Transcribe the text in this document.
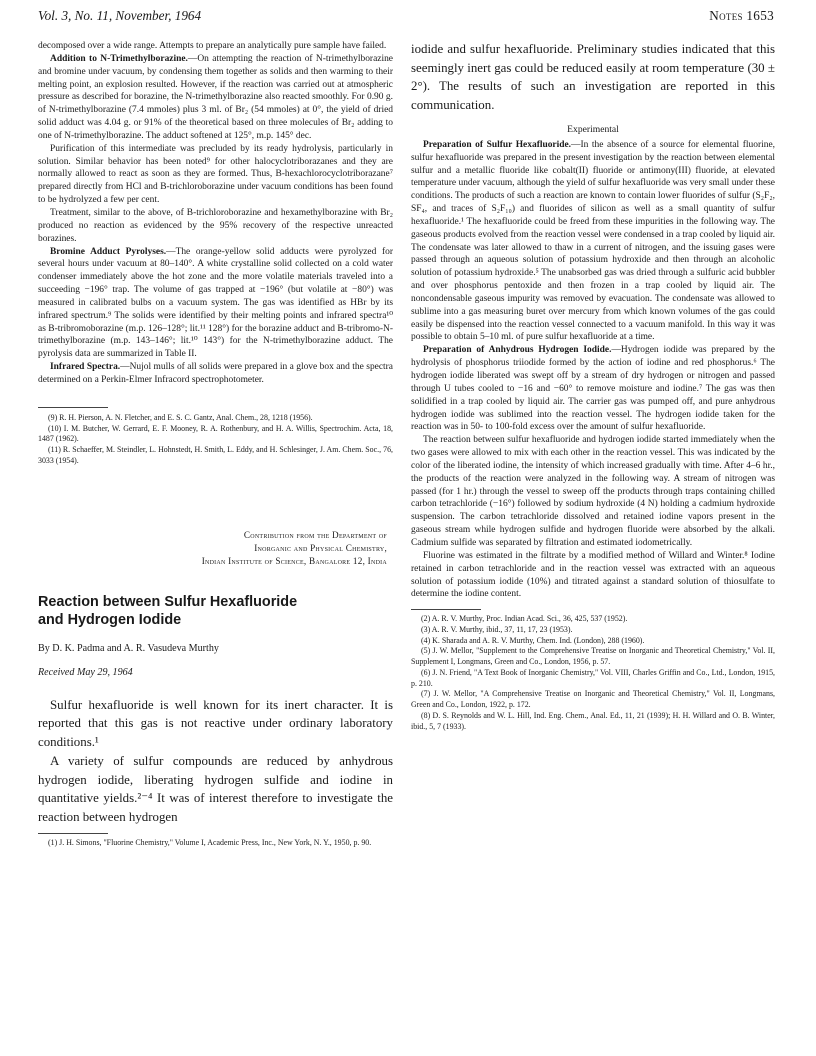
Vol. 3, No. 11, November, 1964	Notes 1653

decomposed over a wide range. Attempts to prepare an analytically pure sample have failed.

Addition to N-Trimethylborazine.—On attempting the reaction of N-trimethylborazine and bromine under vacuum, by condensing them together as solids and then warming to their melting point, an explosion resulted. However, if the reaction was carried out at atmospheric pressure as described for borazine, the N-trimethylborazine also reacted smoothly. For 0.90 g. of N-trimethylborazine (7.4 mmoles) plus 3 ml. of Br₂ (54 mmoles) at 0°, the yield of dried solid adduct was 4.04 g. or 91% of the theoretical based on three molecules of Br₂ adding to one of N-trimethylborazine. The adduct softened at 125°, m.p. 145° dec.

Purification of this intermediate was precluded by its ready hydrolysis, particularly in solution. Similar behavior has been noted⁹ for other halocyclotriborazanes and they are normally allowed to react as soon as they are formed. Thus, B-hexachlorocyclotriborazane⁷ prepared directly from HCl and B-trichloroborazine under vacuum conditions has been found to be hydrolyzed a few per cent.

Treatment, similar to the above, of B-trichloroborazine and hexamethylborazine with Br₂ produced no reaction as evidenced by the 95% recovery of the respective unreacted borazines.

Bromine Adduct Pyrolyses.—The orange-yellow solid adducts were pyrolyzed for several hours under vacuum at 80–140°. A white crystalline solid collected on a cold water condenser immediately above the hot zone and the more volatile materials traveled into a succeeding −196° trap. The volume of gas trapped at −196° (but volatile at −80°) was measured in calibrated bulbs on a vacuum system. The gas was identified as HBr by its infrared spectrum.⁹ The solids were identified by their melting points and infrared spectra¹⁰ as B-tribromoborazine (m.p. 126–128°; lit.¹¹ 128°) for the borazine adduct and B-tribromo-N-trimethylborazine (m.p. 143–146°; lit.¹⁰ 143°) for the N-trimethylborazine adduct. The pyrolysis data are summarized in Table II.

Infrared Spectra.—Nujol mulls of all solids were prepared in a glove box and the spectra determined on a Perkin-Elmer Infracord spectrophotometer.

(9) R. H. Pierson, A. N. Fletcher, and E. S. C. Gantz, Anal. Chem., 28, 1218 (1956).

(10) I. M. Butcher, W. Gerrard, E. F. Mooney, R. A. Rothenbury, and H. A. Willis, Spectrochim. Acta, 18, 1487 (1962).

(11) R. Schaeffer, M. Steindler, L. Hohnstedt, H. Smith, L. Eddy, and H. Schlesinger, J. Am. Chem. Soc., 76, 3033 (1954).

Contribution from the Department of
Inorganic and Physical Chemistry,
Indian Institute of Science, Bangalore 12, India
Reaction between Sulfur Hexafluoride
and Hydrogen Iodide

By D. K. Padma and A. R. Vasudeva Murthy

Received May 29, 1964

Sulfur hexafluoride is well known for its inert character. It is reported that this gas is not reactive under ordinary laboratory conditions.¹

A variety of sulfur compounds are reduced by anhydrous hydrogen iodide, liberating hydrogen sulfide and iodine in quantitative yields.²⁻⁴ It was of interest therefore to investigate the reaction between hydrogen

(1) J. H. Simons, "Fluorine Chemistry," Volume I, Academic Press, Inc., New York, N. Y., 1950, p. 90.

iodide and sulfur hexafluoride. Preliminary studies indicated that this seemingly inert gas could be reduced easily at room temperature (30 ± 2°). The results of such an investigation are reported in this communication.

Experimental

Preparation of Sulfur Hexafluoride.—In the absence of a source for elemental fluorine, sulfur hexafluoride was prepared in the present investigation by the reaction between elemental sulfur and a metallic fluoride like cobalt(II) fluoride or antimony(III) fluoride, at elevated temperature under vacuum, although the yield of sulfur hexafluoride was very small under these conditions. The products of such a reaction are known to contain lower fluorides of sulfur (S₂F₂, SF₄, and traces of S₂F₁₀) and fluorides of silicon as well as a small quantity of sulfur hexafluoride.¹ The hexafluoride could be freed from these impurities in the following way. The gaseous products evolved from the reaction vessel were condensed in a trap cooled by liquid air. The condensate was later allowed to thaw in a current of nitrogen, and the issuing gases were passed through an aqueous solution of potassium hydroxide and then through an alcoholic solution of potassium hydroxide.⁵ The unabsorbed gas was dried through a sulfuric acid bubbler and over phosphorus pentoxide and then frozen in a trap cooled by liquid air. The noncondensable gaseous impurity was removed by evacuation. The condensate was allowed to sublime into a gas measuring buret over mercury from which known volumes of the gas could easily be dispensed into the reaction vessel connected to a vacuum manifold. In this way it was possible to obtain 5–10 ml. of pure sulfur hexafluoride at a time.

Preparation of Anhydrous Hydrogen Iodide.—Hydrogen iodide was prepared by the hydrolysis of phosphorus triiodide formed by the action of iodine and red phosphorus.⁶ The hydrogen iodide liberated was swept off by a stream of dry hydrogen or nitrogen and passed through U tubes cooled to −16 and −60° to remove moisture and iodine.⁷ The gas was then solidified in a trap cooled by liquid air. The carrier gas was pumped off, and pure anhydrous hydrogen iodide was sublimed into the reaction vessel. The hydrogen iodide taken for the reaction was in 50- to 100-fold excess over the amount of sulfur hexafluoride.

The reaction between sulfur hexafluoride and hydrogen iodide started immediately when the two gases were allowed to mix with each other in the reaction vessel. This was indicated by the color of the liberated iodine, the intensity of which increased gradually with time. After 4–6 hr., the products of the reaction were analyzed in the following way. A stream of nitrogen was passed (for 1 hr.) through the vessel to sweep off the products through traps containing chilled carbon tetrachloride (−16°) followed by sodium hydroxide (4 N) holding a cadmium hydroxide suspension. The carbon tetrachloride dissolved and retained iodine vapors present in the gaseous stream while hydrogen sulfide and hydrogen fluoride were absorbed by the alkali. Cadmium sulfide was separated by filtration and estimated iodometrically.

Fluorine was estimated in the filtrate by a modified method of Willard and Winter.⁸ Iodine retained in carbon tetrachloride and in the reaction vessel was extracted with an aqueous solution of potassium iodide (10%) and titrated against a standard solution of thiosulfate to determine the iodine content.

(2) A. R. V. Murthy, Proc. Indian Acad. Sci., 36, 425, 537 (1952).

(3) A. R. V. Murthy, ibid., 37, 11, 17, 23 (1953).

(4) K. Sharada and A. R. V. Murthy, Chem. Ind. (London), 288 (1960).

(5) J. W. Mellor, "Supplement to the Comprehensive Treatise on Inorganic and Theoretical Chemistry," Vol. II, Supplement I, Longmans, Green and Co., London, 1956, p. 57.

(6) J. N. Friend, "A Text Book of Inorganic Chemistry," Vol. VIII, Charles Griffin and Co., Ltd., London, 1915, p. 210.

(7) J. W. Mellor, "A Comprehensive Treatise on Inorganic and Theoretical Chemistry," Vol. II, Longmans, Green and Co., London, 1922, p. 172.

(8) D. S. Reynolds and W. L. Hill, Ind. Eng. Chem., Anal. Ed., 11, 21 (1939); H. H. Willard and O. B. Winter, ibid., 5, 7 (1933).
